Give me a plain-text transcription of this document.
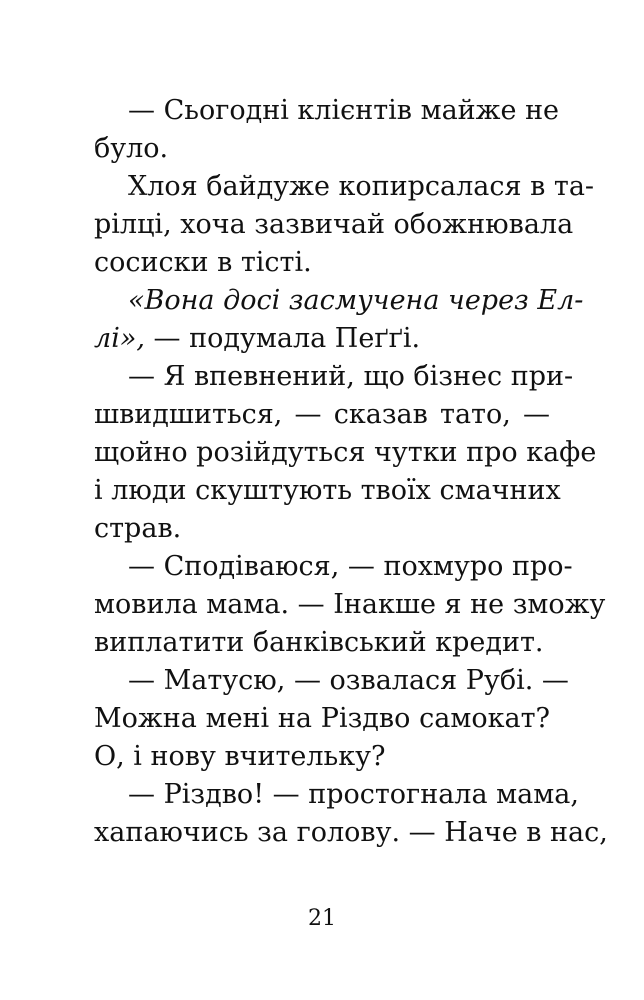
— Сьогодні клієнтів майже не
було.
Хлоя байдуже копирсалася в та-
рілці, хоча зазвичай обожнювала
сосиски в тісті.
«Вона досі засмучена через Ел-
лі», — подумала Пеґґі.
— Я впевнений, що бізнес при-
швидшиться, — сказав тато, —
щойно розійдуться чутки про кафе
і люди скуштують твоїх смачних
страв.
— Сподіваюся, — похмуро про-
мовила мама. — Інакше я не зможу
виплатити банківський кредит.
— Матусю, — озвалася Рубі. —
Можна мені на Різдво самокат?
О, і нову вчительку?
— Різдво! — простогнала мама,
хапаючись за голову. — Наче в нас,
21
